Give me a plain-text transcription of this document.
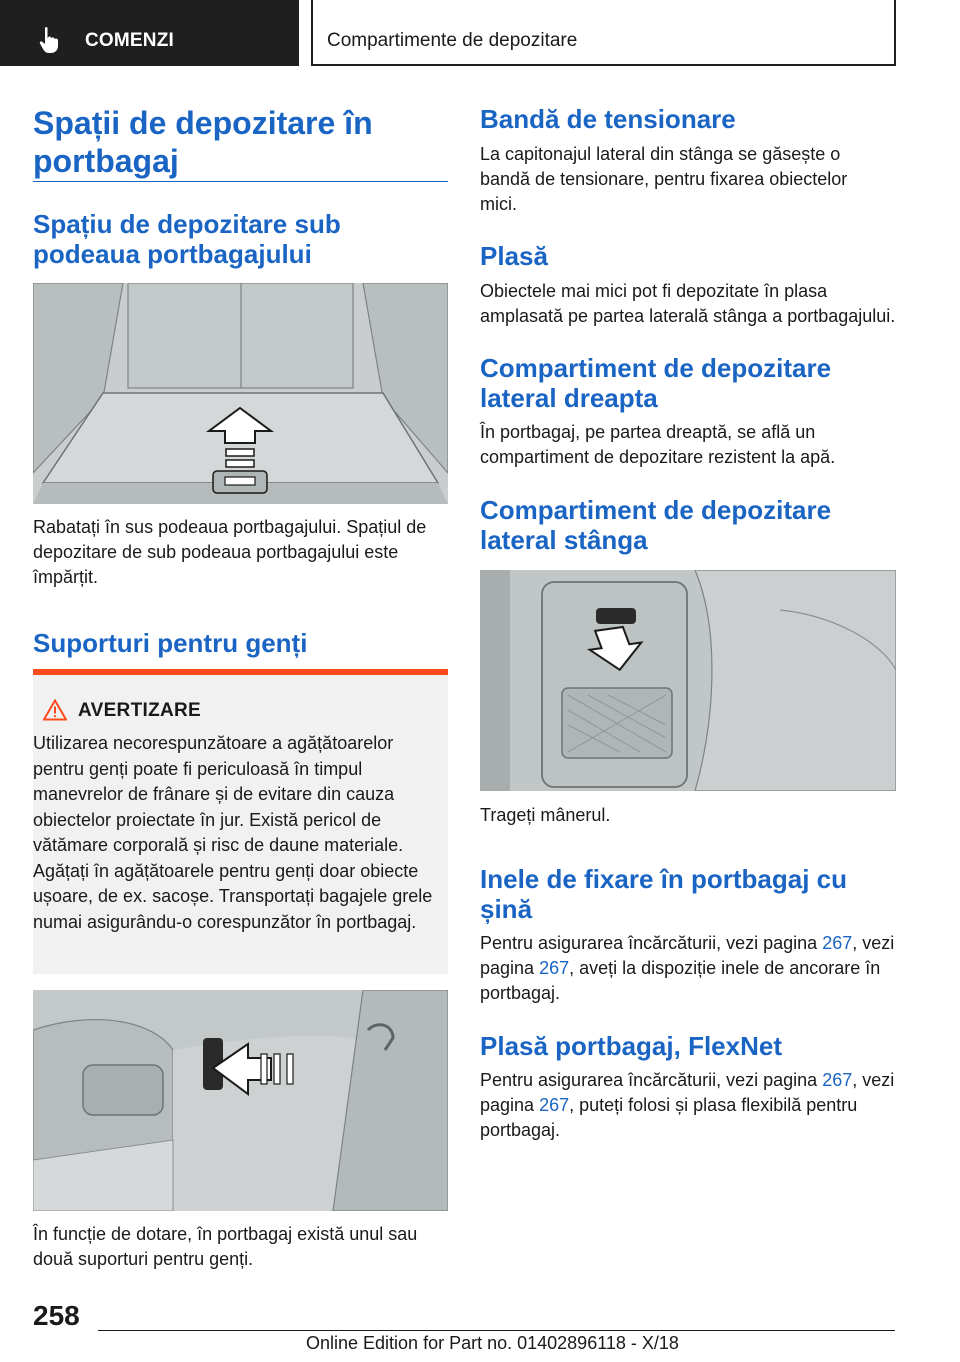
COMENZI	Compartimente de depozitare
Spații de depozitare în portbagaj
Spațiu de depozitare sub podeaua portbagajului
Rabatați în sus podeaua portbagajului. Spațiul de depozitare de sub podeaua portbagajului este împărțit.
Suporturi pentru genți
AVERTIZARE
Utilizarea necorespunzătoare a agățătoarelor pentru genți poate fi periculoasă în timpul manevrelor de frânare și de evitare din cauza obiectelor proiectate în jur. Există pericol de vătămare corporală și risc de daune materiale. Agățați în agățătoarele pentru genți doar obiecte ușoare, de ex. sacoșe. Transportați bagajele grele numai asigurându-o corespunzător în portbagaj.
În funcție de dotare, în portbagaj există unul sau două suporturi pentru genți.
Bandă de tensionare
La capitonajul lateral din stânga se găsește o bandă de tensionare, pentru fixarea obiectelor mici.
Plasă
Obiectele mai mici pot fi depozitate în plasa amplasată pe partea laterală stânga a portbagajului.
Compartiment de depozitare lateral dreapta
În portbagaj, pe partea dreaptă, se află un compartiment de depozitare rezistent la apă.
Compartiment de depozitare lateral stânga
Trageți mânerul.
Inele de fixare în portbagaj cu șină
Pentru asigurarea încărcăturii, vezi pagina 267, vezi pagina 267, aveți la dispoziție inele de ancorare în portbagaj.
Plasă portbagaj, FlexNet
Pentru asigurarea încărcăturii, vezi pagina 267, vezi pagina 267, puteți folosi și plasa flexibilă pentru portbagaj.
258
Online Edition for Part no. 01402896118 - X/18
